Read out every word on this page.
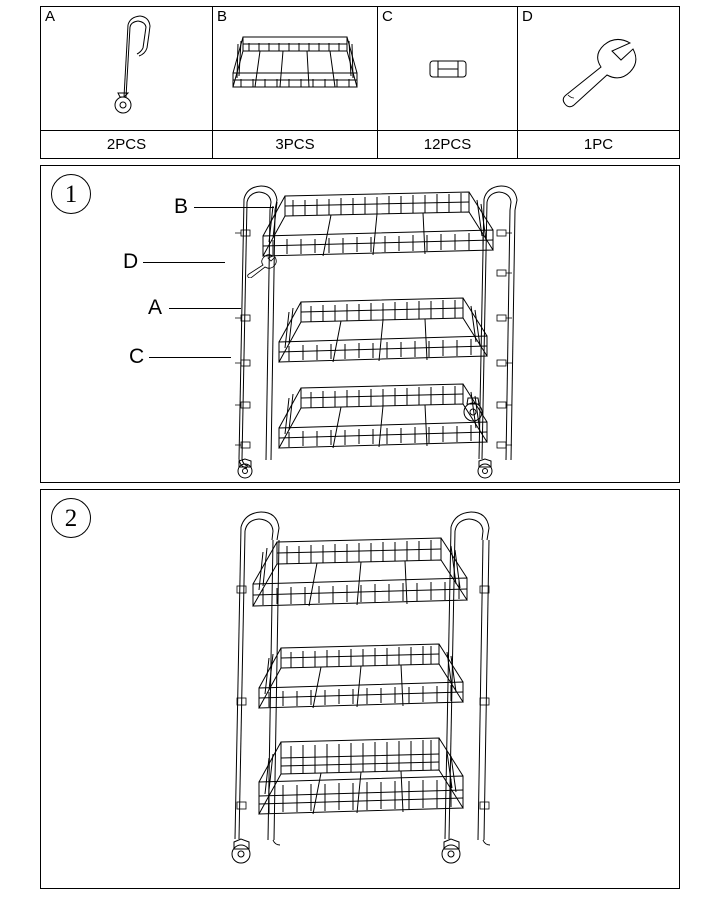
A	B	C	D
2PCS	3PCS	12PCS	1PC
1	B
D
A
C
2
